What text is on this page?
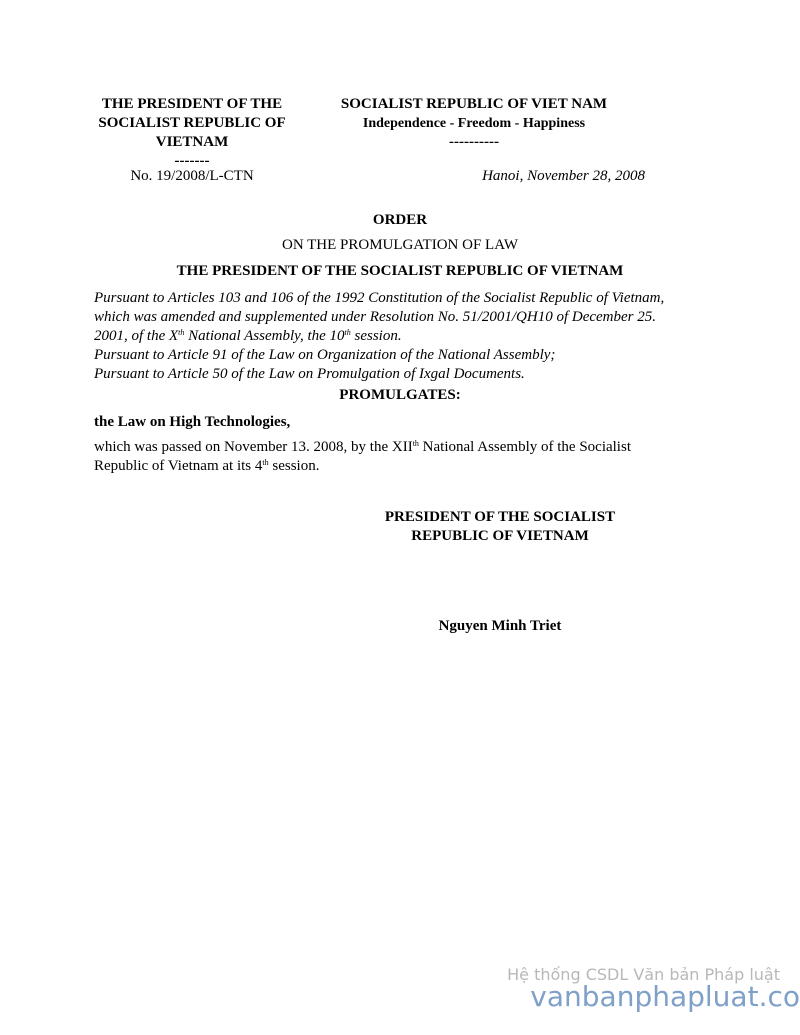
THE PRESIDENT OF THE
SOCIALIST REPUBLIC OF
VIETNAM
-------
SOCIALIST REPUBLIC OF VIET NAM
Independence - Freedom - Happiness
----------
No. 19/2008/L-CTN	Hanoi, November 28, 2008
ORDER
ON THE PROMULGATION OF LAW
THE PRESIDENT OF THE SOCIALIST REPUBLIC OF VIETNAM
Pursuant to Articles 103 and 106 of the 1992 Constitution of the Socialist Republic of Vietnam,
which was amended and supplemented under Resolution No. 51/2001/QH10 of December 25.
2001, of the Xth National Assembly, the 10th session.
Pursuant to Article 91 of the Law on Organization of the National Assembly;
Pursuant to Article 50 of the Law on Promulgation of Ixgal Documents.
PROMULGATES:
the Law on High Technologies,
which was passed on November 13. 2008, by the XIIth National Assembly of the Socialist
Republic of Vietnam at its 4th session.
PRESIDENT OF THE SOCIALIST
REPUBLIC OF VIETNAM
Nguyen Minh Triet
Hệ thống CSDL Văn bản Pháp luật
vanbanphapluat.co
